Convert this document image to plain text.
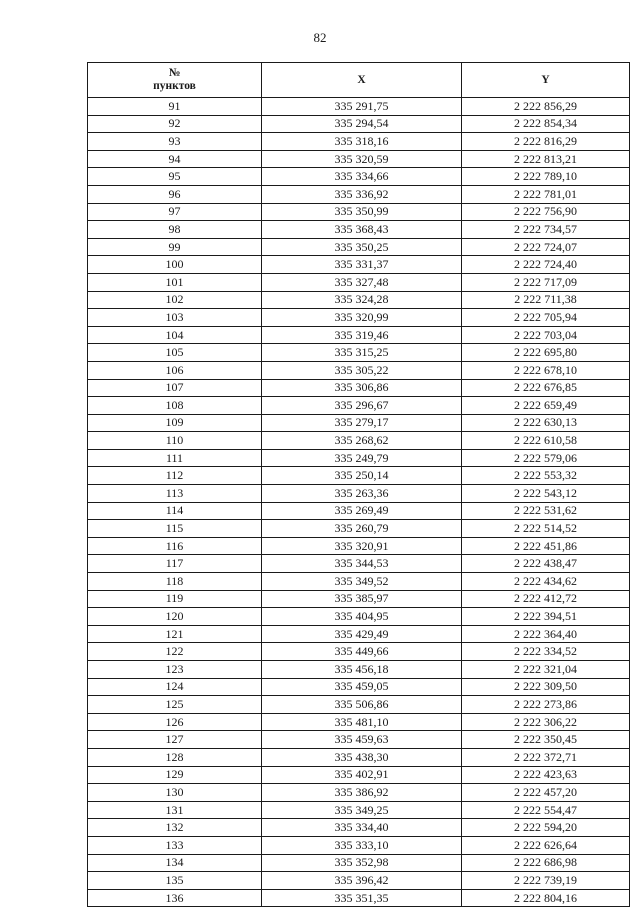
82
№
пунктов	X	Y
91	335 291,75	2 222 856,29
92	335 294,54	2 222 854,34
93	335 318,16	2 222 816,29
94	335 320,59	2 222 813,21
95	335 334,66	2 222 789,10
96	335 336,92	2 222 781,01
97	335 350,99	2 222 756,90
98	335 368,43	2 222 734,57
99	335 350,25	2 222 724,07
100	335 331,37	2 222 724,40
101	335 327,48	2 222 717,09
102	335 324,28	2 222 711,38
103	335 320,99	2 222 705,94
104	335 319,46	2 222 703,04
105	335 315,25	2 222 695,80
106	335 305,22	2 222 678,10
107	335 306,86	2 222 676,85
108	335 296,67	2 222 659,49
109	335 279,17	2 222 630,13
110	335 268,62	2 222 610,58
111	335 249,79	2 222 579,06
112	335 250,14	2 222 553,32
113	335 263,36	2 222 543,12
114	335 269,49	2 222 531,62
115	335 260,79	2 222 514,52
116	335 320,91	2 222 451,86
117	335 344,53	2 222 438,47
118	335 349,52	2 222 434,62
119	335 385,97	2 222 412,72
120	335 404,95	2 222 394,51
121	335 429,49	2 222 364,40
122	335 449,66	2 222 334,52
123	335 456,18	2 222 321,04
124	335 459,05	2 222 309,50
125	335 506,86	2 222 273,86
126	335 481,10	2 222 306,22
127	335 459,63	2 222 350,45
128	335 438,30	2 222 372,71
129	335 402,91	2 222 423,63
130	335 386,92	2 222 457,20
131	335 349,25	2 222 554,47
132	335 334,40	2 222 594,20
133	335 333,10	2 222 626,64
134	335 352,98	2 222 686,98
135	335 396,42	2 222 739,19
136	335 351,35	2 222 804,16
